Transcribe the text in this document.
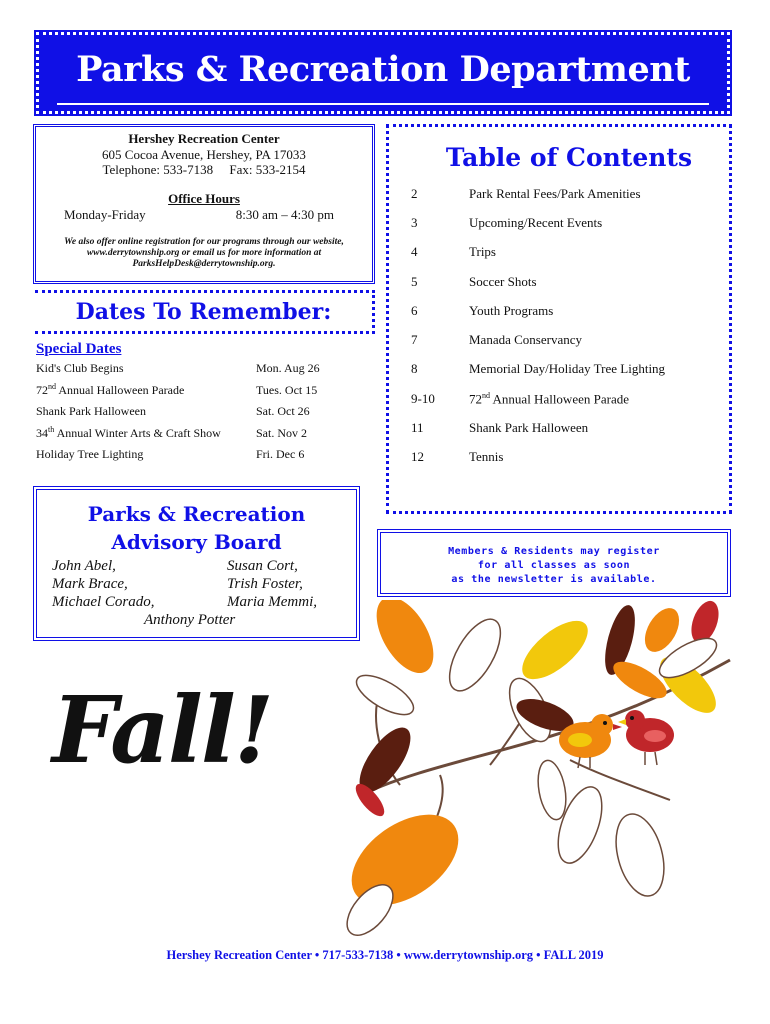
Parks & Recreation Department
Hershey Recreation Center
605 Cocoa Avenue, Hershey, PA 17033
Telephone: 533-7138     Fax: 533-2154
Office Hours
Monday-Friday	8:30 am – 4:30 pm
We also offer online registration for our programs through our website, www.derrytownship.org or email us for more information at ParksHelpDesk@derrytownship.org.
Dates To Remember:
Special Dates
Kid's Club Begins	Mon. Aug 26
72nd Annual Halloween Parade	Tues. Oct 15
Shank Park Halloween	Sat. Oct 26
34th Annual Winter Arts & Craft Show	Sat. Nov 2
Holiday Tree Lighting	Fri. Dec 6
Table of Contents
2	Park Rental Fees/Park Amenities
3	Upcoming/Recent Events
4	Trips
5	Soccer Shots
6	Youth Programs
7	Manada Conservancy
8	Memorial Day/Holiday Tree Lighting
9-10	72nd Annual Halloween Parade
11	Shank Park Halloween
12	Tennis
Parks & Recreation
Advisory Board
John Abel,	Susan Cort,
Mark Brace,	Trish Foster,
Michael Corado,	Maria Memmi,
Anthony Potter
Members & Residents may register
for all classes as soon
as the newsletter is available.
Fall!
Hershey Recreation Center • 717-533-7138 • www.derrytownship.org • FALL 2019
